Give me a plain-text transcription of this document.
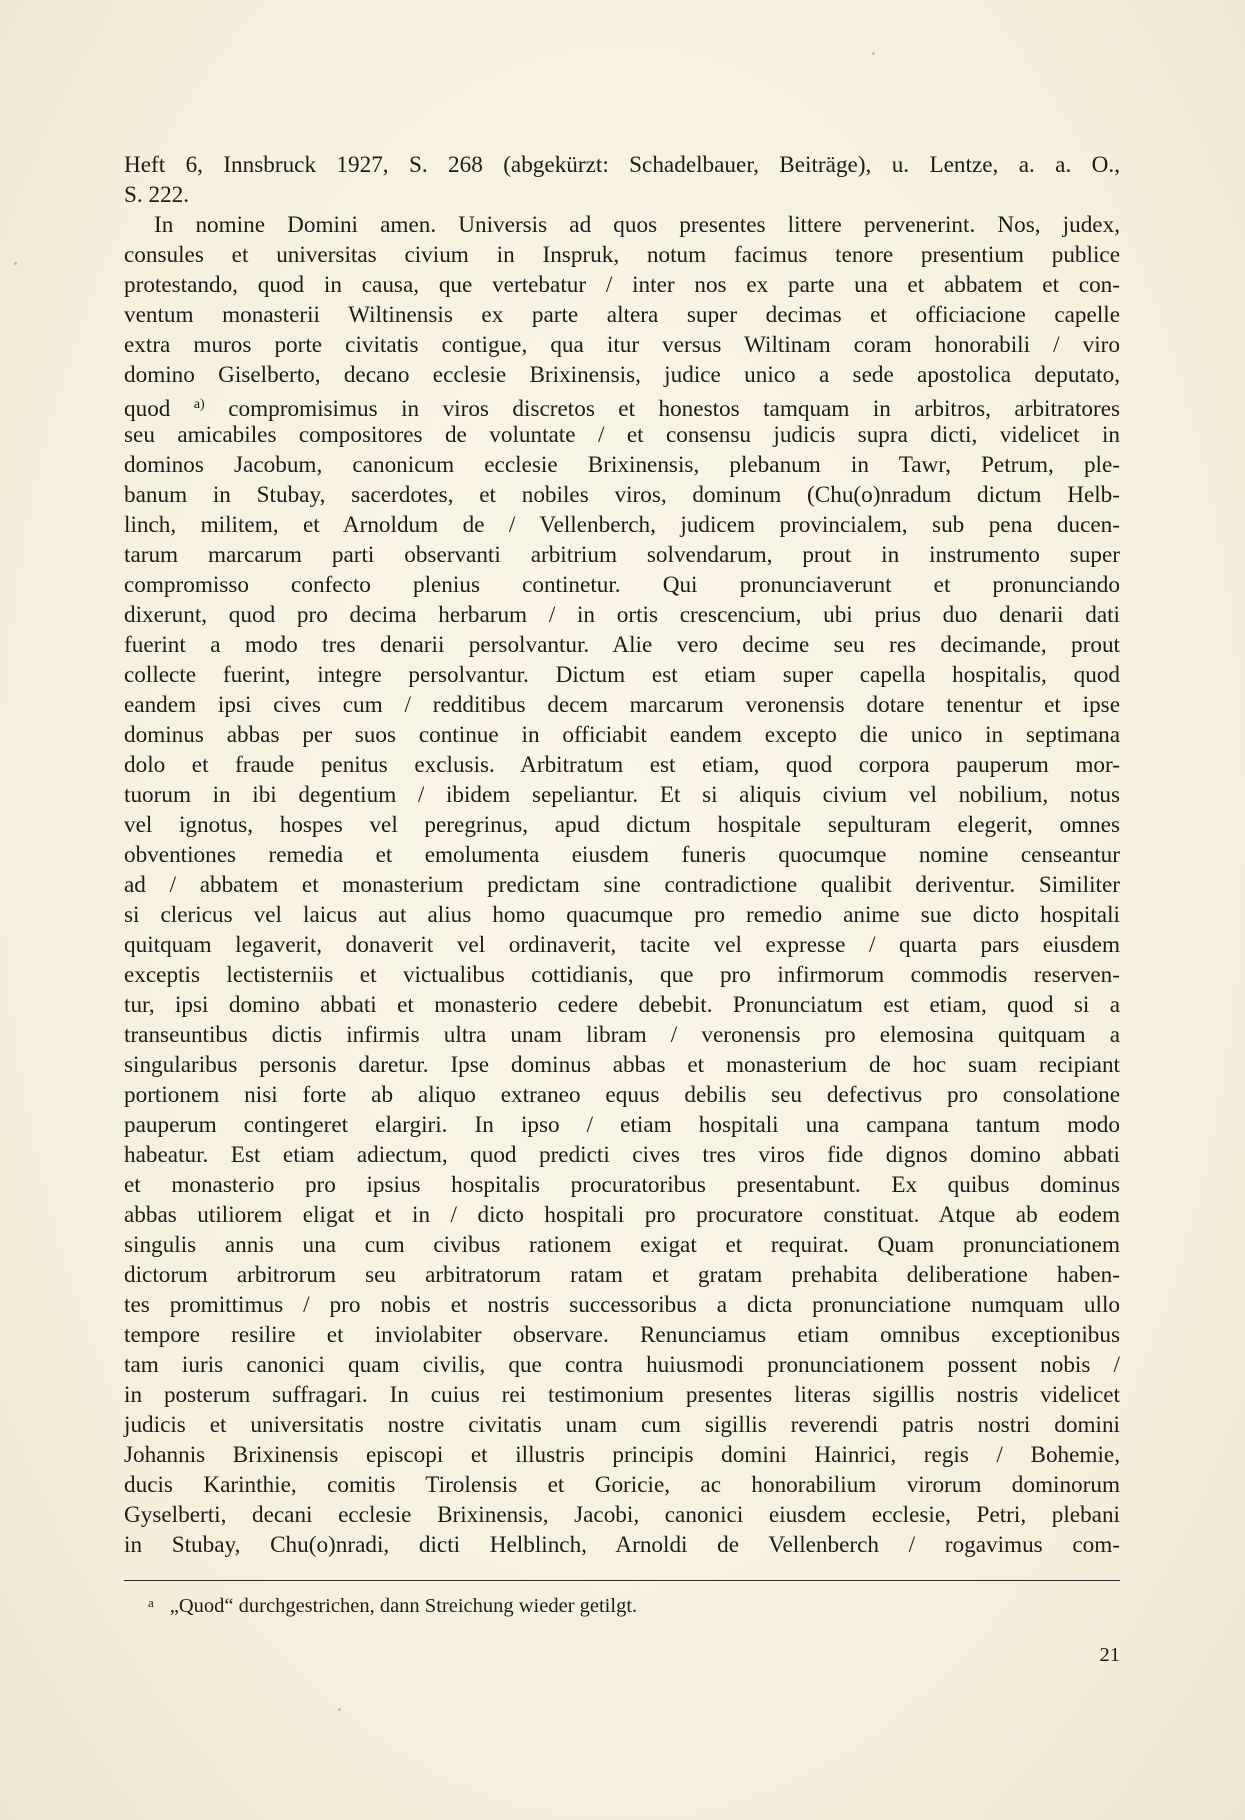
Heft 6, Innsbruck 1927, S. 268 (abgekürzt: Schadelbauer, Beiträge), u. Lentze, a. a. O.,
S. 222.
In nomine Domini amen. Universis ad quos presentes littere pervenerint. Nos, judex,
consules et universitas civium in Inspruk, notum facimus tenore presentium publice
protestando, quod in causa, que vertebatur / inter nos ex parte una et abbatem et con-
ventum monasterii Wiltinensis ex parte altera super decimas et officiacione capelle
extra muros porte civitatis contigue, qua itur versus Wiltinam coram honorabili / viro
domino Giselberto, decano ecclesie Brixinensis, judice unico a sede apostolica deputato,
quod $^{a)}$ compromisimus in viros discretos et honestos tamquam in arbitros, arbitratores
seu amicabiles compositores de voluntate / et consensu judicis supra dicti, videlicet in
dominos Jacobum, canonicum ecclesie Brixinensis, plebanum in Tawr, Petrum, ple-
banum in Stubay, sacerdotes, et nobiles viros, dominum (Chu(o)nradum dictum Helb-
linch, militem, et Arnoldum de / Vellenberch, judicem provincialem, sub pena ducen-
tarum marcarum parti observanti arbitrium solvendarum, prout in instrumento super
compromisso confecto plenius continetur. Qui pronunciaverunt et pronunciando
dixerunt, quod pro decima herbarum / in ortis crescencium, ubi prius duo denarii dati
fuerint a modo tres denarii persolvantur. Alie vero decime seu res decimande, prout
collecte fuerint, integre persolvantur. Dictum est etiam super capella hospitalis, quod
eandem ipsi cives cum / redditibus decem marcarum veronensis dotare tenentur et ipse
dominus abbas per suos continue in officiabit eandem excepto die unico in septimana
dolo et fraude penitus exclusis. Arbitratum est etiam, quod corpora pauperum mor-
tuorum in ibi degentium / ibidem sepeliantur. Et si aliquis civium vel nobilium, notus
vel ignotus, hospes vel peregrinus, apud dictum hospitale sepulturam elegerit, omnes
obventiones remedia et emolumenta eiusdem funeris quocumque nomine censeantur
ad / abbatem et monasterium predictam sine contradictione qualibit deriventur. Similiter
si clericus vel laicus aut alius homo quacumque pro remedio anime sue dicto hospitali
quitquam legaverit, donaverit vel ordinaverit, tacite vel expresse / quarta pars eiusdem
exceptis lectisterniis et victualibus cottidianis, que pro infirmorum commodis reserven-
tur, ipsi domino abbati et monasterio cedere debebit. Pronunciatum est etiam, quod si a
transeuntibus dictis infirmis ultra unam libram / veronensis pro elemosina quitquam a
singularibus personis daretur. Ipse dominus abbas et monasterium de hoc suam recipiant
portionem nisi forte ab aliquo extraneo equus debilis seu defectivus pro consolatione
pauperum contingeret elargiri. In ipso / etiam hospitali una campana tantum modo
habeatur. Est etiam adiectum, quod predicti cives tres viros fide dignos domino abbati
et monasterio pro ipsius hospitalis procuratoribus presentabunt. Ex quibus dominus
abbas utiliorem eligat et in / dicto hospitali pro procuratore constituat. Atque ab eodem
singulis annis una cum civibus rationem exigat et requirat. Quam pronunciationem
dictorum arbitrorum seu arbitratorum ratam et gratam prehabita deliberatione haben-
tes promittimus / pro nobis et nostris successoribus a dicta pronunciatione numquam ullo
tempore resilire et inviolabiter observare. Renunciamus etiam omnibus exceptionibus
tam iuris canonici quam civilis, que contra huiusmodi pronunciationem possent nobis /
in posterum suffragari. In cuius rei testimonium presentes literas sigillis nostris videlicet
judicis et universitatis nostre civitatis unam cum sigillis reverendi patris nostri domini
Johannis Brixinensis episcopi et illustris principis domini Hainrici, regis / Bohemie,
ducis Karinthie, comitis Tirolensis et Goricie, ac honorabilium virorum dominorum
Gyselberti, decani ecclesie Brixinensis, Jacobi, canonici eiusdem ecclesie, Petri, plebani
in Stubay, Chu(o)nradi, dicti Helblinch, Arnoldi de Vellenberch / rogavimus com-
$^a$ „Quod“ durchgestrichen, dann Streichung wieder getilgt.
21
